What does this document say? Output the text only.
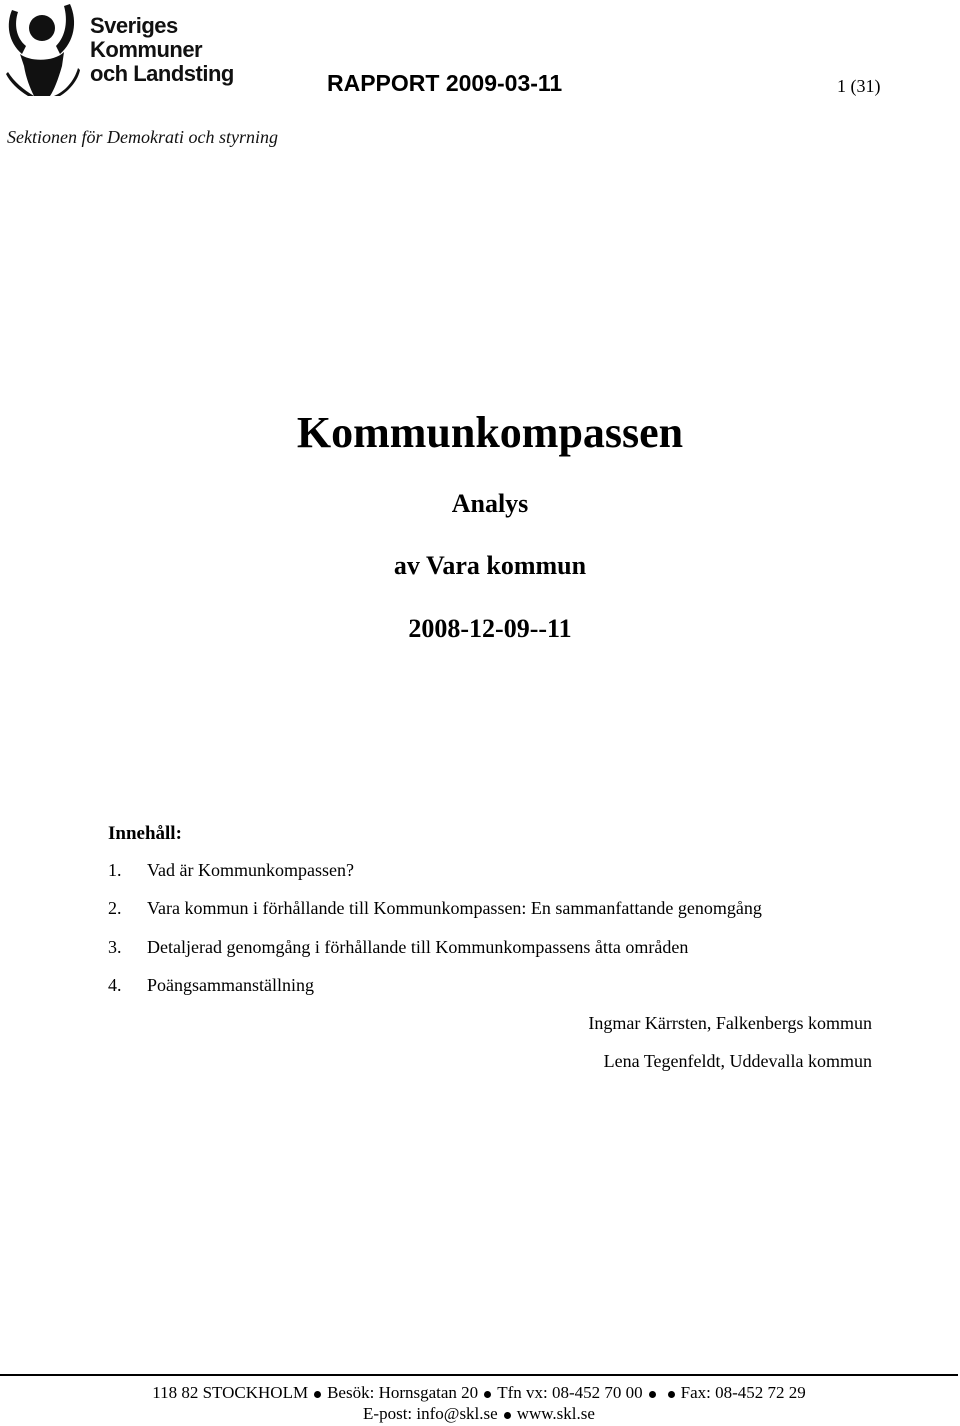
Sveriges
Kommuner
och Landsting	RAPPORT 2009-03-11	1 (31)
Sektionen för Demokrati och styrning
Kommunkompassen
Analys
av Vara kommun
2008-12-09--11
Innehåll:
1. Vad är Kommunkompassen?
2. Vara kommun i förhållande till Kommunkompassen: En sammanfattande genomgång
3. Detaljerad genomgång i förhållande till Kommunkompassens åtta områden
4. Poängsammanställning
Ingmar Kärrsten, Falkenbergs kommun
Lena Tegenfeldt, Uddevalla kommun
118 82 STOCKHOLM Besök: Hornsgatan 20 Tfn vx: 08-452 70 00 Fax: 08-452 72 29
E-post: info@skl.se www.skl.se
